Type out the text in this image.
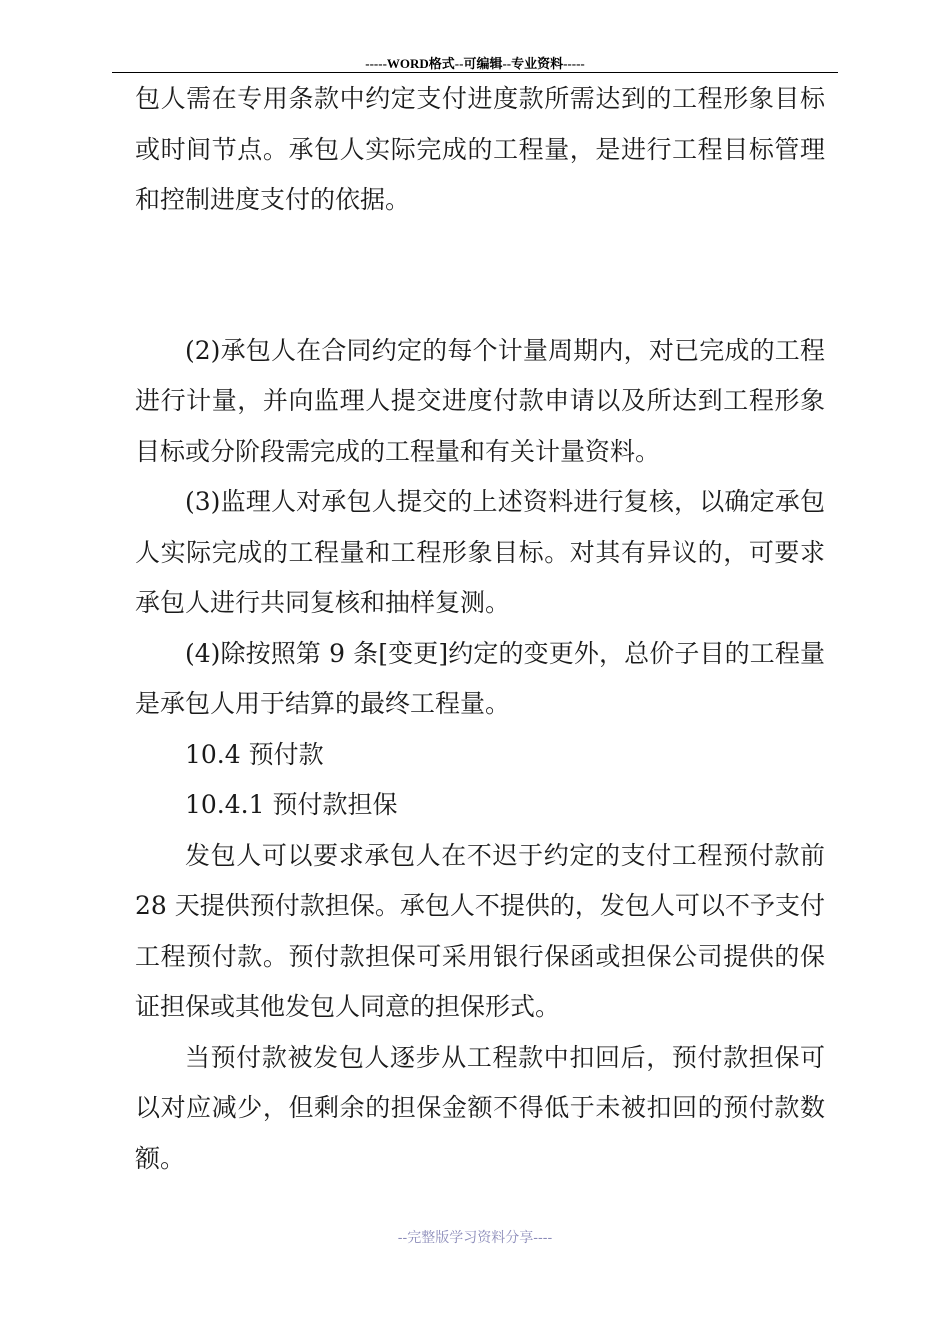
-----WORD格式--可编辑--专业资料-----

包人需在专用条款中约定支付进度款所需达到的工程形象目标或时间节点。承包人实际完成的工程量，是进行工程目标管理和控制进度支付的依据。

(2)承包人在合同约定的每个计量周期内，对已完成的工程进行计量，并向监理人提交进度付款申请以及所达到工程形象目标或分阶段需完成的工程量和有关计量资料。

(3)监理人对承包人提交的上述资料进行复核，以确定承包人实际完成的工程量和工程形象目标。对其有异议的，可要求承包人进行共同复核和抽样复测。

(4)除按照第 9 条[变更]约定的变更外，总价子目的工程量是承包人用于结算的最终工程量。

10.4 预付款

10.4.1 预付款担保

发包人可以要求承包人在不迟于约定的支付工程预付款前 28 天提供预付款担保。承包人不提供的，发包人可以不予支付工程预付款。预付款担保可采用银行保函或担保公司提供的保证担保或其他发包人同意的担保形式。

当预付款被发包人逐步从工程款中扣回后，预付款担保可以对应减少，但剩余的担保金额不得低于未被扣回的预付款数额。

--完整版学习资料分享----
